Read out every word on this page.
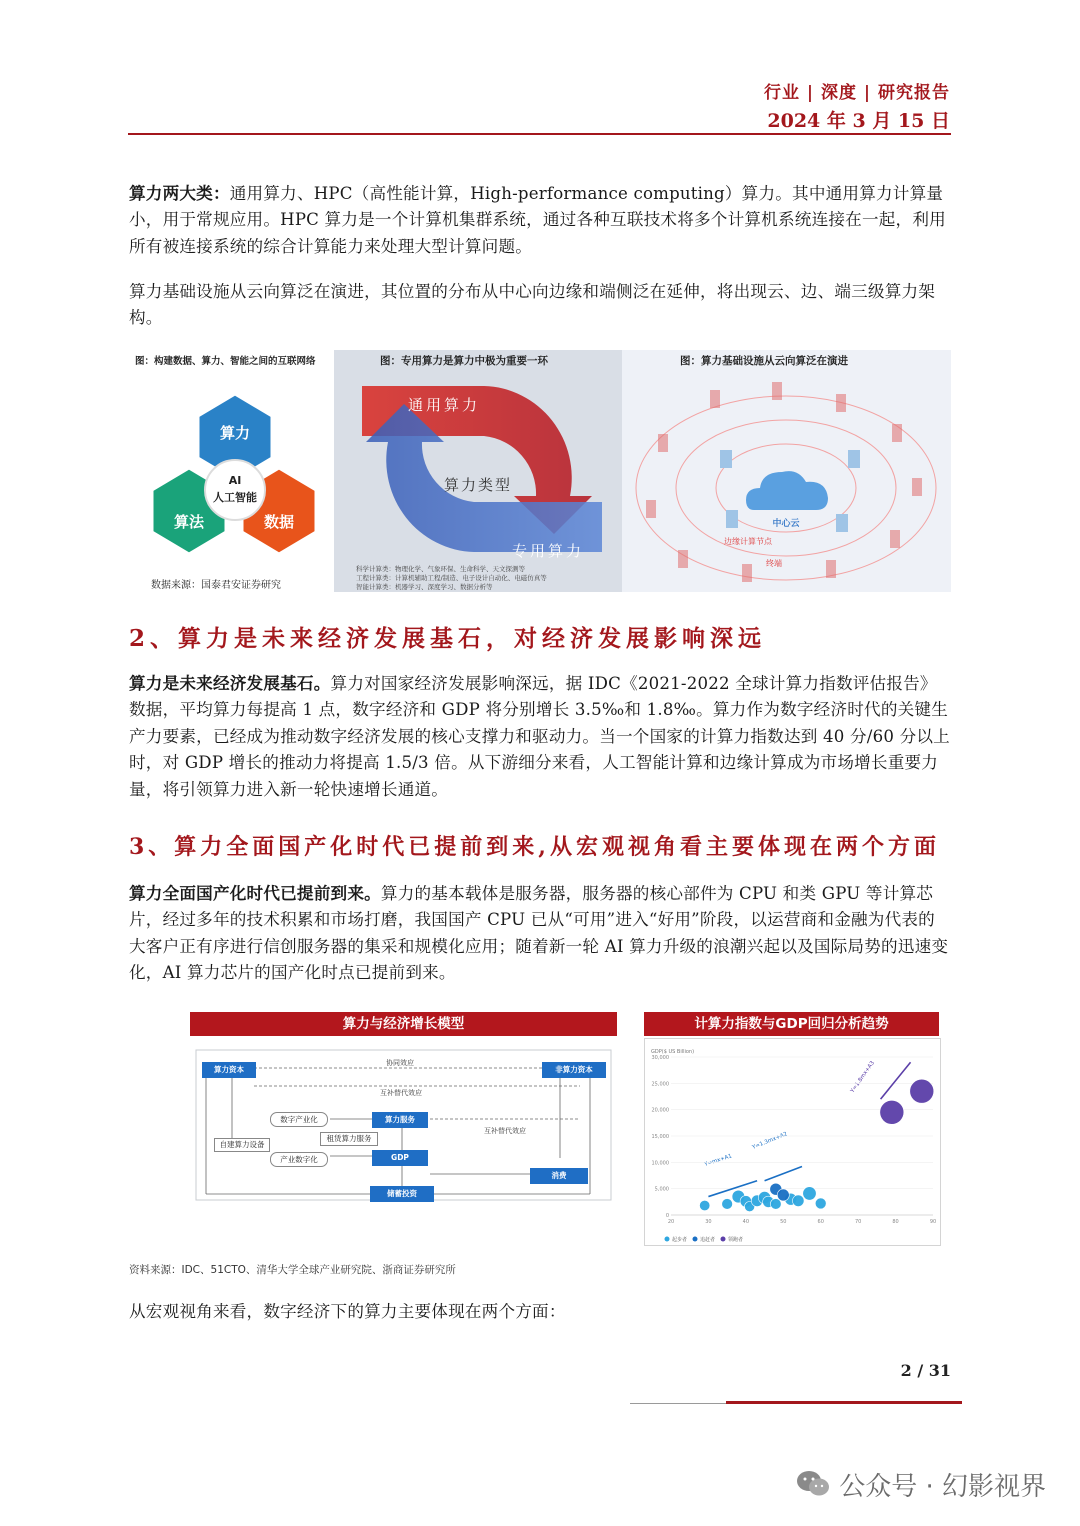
行业 | 深度 | 研究报告
2024 年 3 月 15 日
算力两大类：通用算力、HPC（高性能计算，High-performance computing）算力。其中通用算力计算量小，用于常规应用。HPC 算力是一个计算机集群系统，通过各种互联技术将多个计算机系统连接在一起，利用所有被连接系统的综合计算能力来处理大型计算问题。
算力基础设施从云向算泛在演进，其位置的分布从中心向边缘和端侧泛在延伸，将出现云、边、端三级算力架构。
图：构建数据、算力、智能之间的互联网络
算力
算法	数据
AI
人工智能
数据来源：国泰君安证券研究
图：专用算力是算力中极为重要一环
通用算力
算力类型
专用算力
科学计算类：物理化学、气象环保、生命科学、天文探测等
工程计算类：计算机辅助工程/制造、电子设计自动化、电磁仿真等
智能计算类：机器学习、深度学习、数据分析等
图：算力基础设施从云向算泛在演进
中心云
边缘计算节点
终端
2、算力是未来经济发展基石，对经济发展影响深远
算力是未来经济发展基石。算力对国家经济发展影响深远，据 IDC《2021-2022 全球计算力指数评估报告》数据，平均算力每提高 1 点，数字经济和 GDP 将分别增长 3.5‰和 1.8‰。算力作为数字经济时代的关键生产力要素，已经成为推动数字经济发展的核心支撑力和驱动力。当一个国家的计算力指数达到 40 分/60 分以上时，对 GDP 增长的推动力将提高 1.5/3 倍。从下游细分来看，人工智能计算和边缘计算成为市场增长重要力量，将引领算力进入新一轮快速增长通道。
3、算力全面国产化时代已提前到来,从宏观视角看主要体现在两个方面
算力全面国产化时代已提前到来。算力的基本载体是服务器，服务器的核心部件为 CPU 和类 GPU 等计算芯片，经过多年的技术积累和市场打磨，我国国产 CPU 已从“可用”进入“好用”阶段，以运营商和金融为代表的大客户正有序进行信创服务器的集采和规模化应用；随着新一轮 AI 算力升级的浪潮兴起以及国际局势的迅速变化，AI 算力芯片的国产化时点已提前到来。
算力与经济增长模型
算力资本	非算力资本
协同效应
互补替代效应
数字产业化	算力服务
互补替代效应
租赁算力服务
自建算力设备
产业数字化	GDP
消费
储蓄投资
计算力指数与GDP回归分析趋势
GDP($ US Billion)
Y=mx+A1
Y=1.3mx+A2
Y=1.8mx+A3
起步者	追赶者	领跑者
0
5,000
10,000
15,000
20,000
25,000
30,000
20	30	40	50	60	70	80	90
资料来源：IDC、51CTO、清华大学全球产业研究院、浙商证券研究所
从宏观视角来看，数字经济下的算力主要体现在两个方面：
2 / 31
公众号 · 幻影视界
